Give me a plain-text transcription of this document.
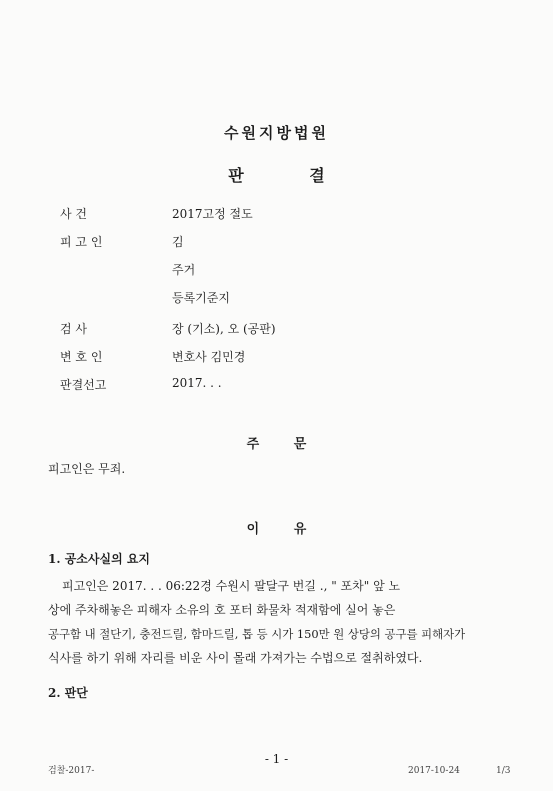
수원지방법원
판 결
사 건	2017고정 절도
피 고 인	김
주거
등록기준지
검 사	장 (기소), 오 (공판)
변 호 인	변호사 김민경
판결선고	2017. . .
주 문
피고인은 무죄.
이 유
1. 공소사실의 요지
피고인은 2017. . . 06:22경 수원시 팔달구 번길 ., " 포차" 앞 노
상에 주차해놓은 피해자 소유의 호 포터 화물차 적재함에 실어 놓은
공구함 내 절단기, 충전드릴, 함마드릴, 톱 등 시가 150만 원 상당의 공구를 피해자가
식사를 하기 위해 자리를 비운 사이 몰래 가져가는 수법으로 절취하였다.
2. 판단
검찰-2017-
- 1 -
2017-10-24	1/3
